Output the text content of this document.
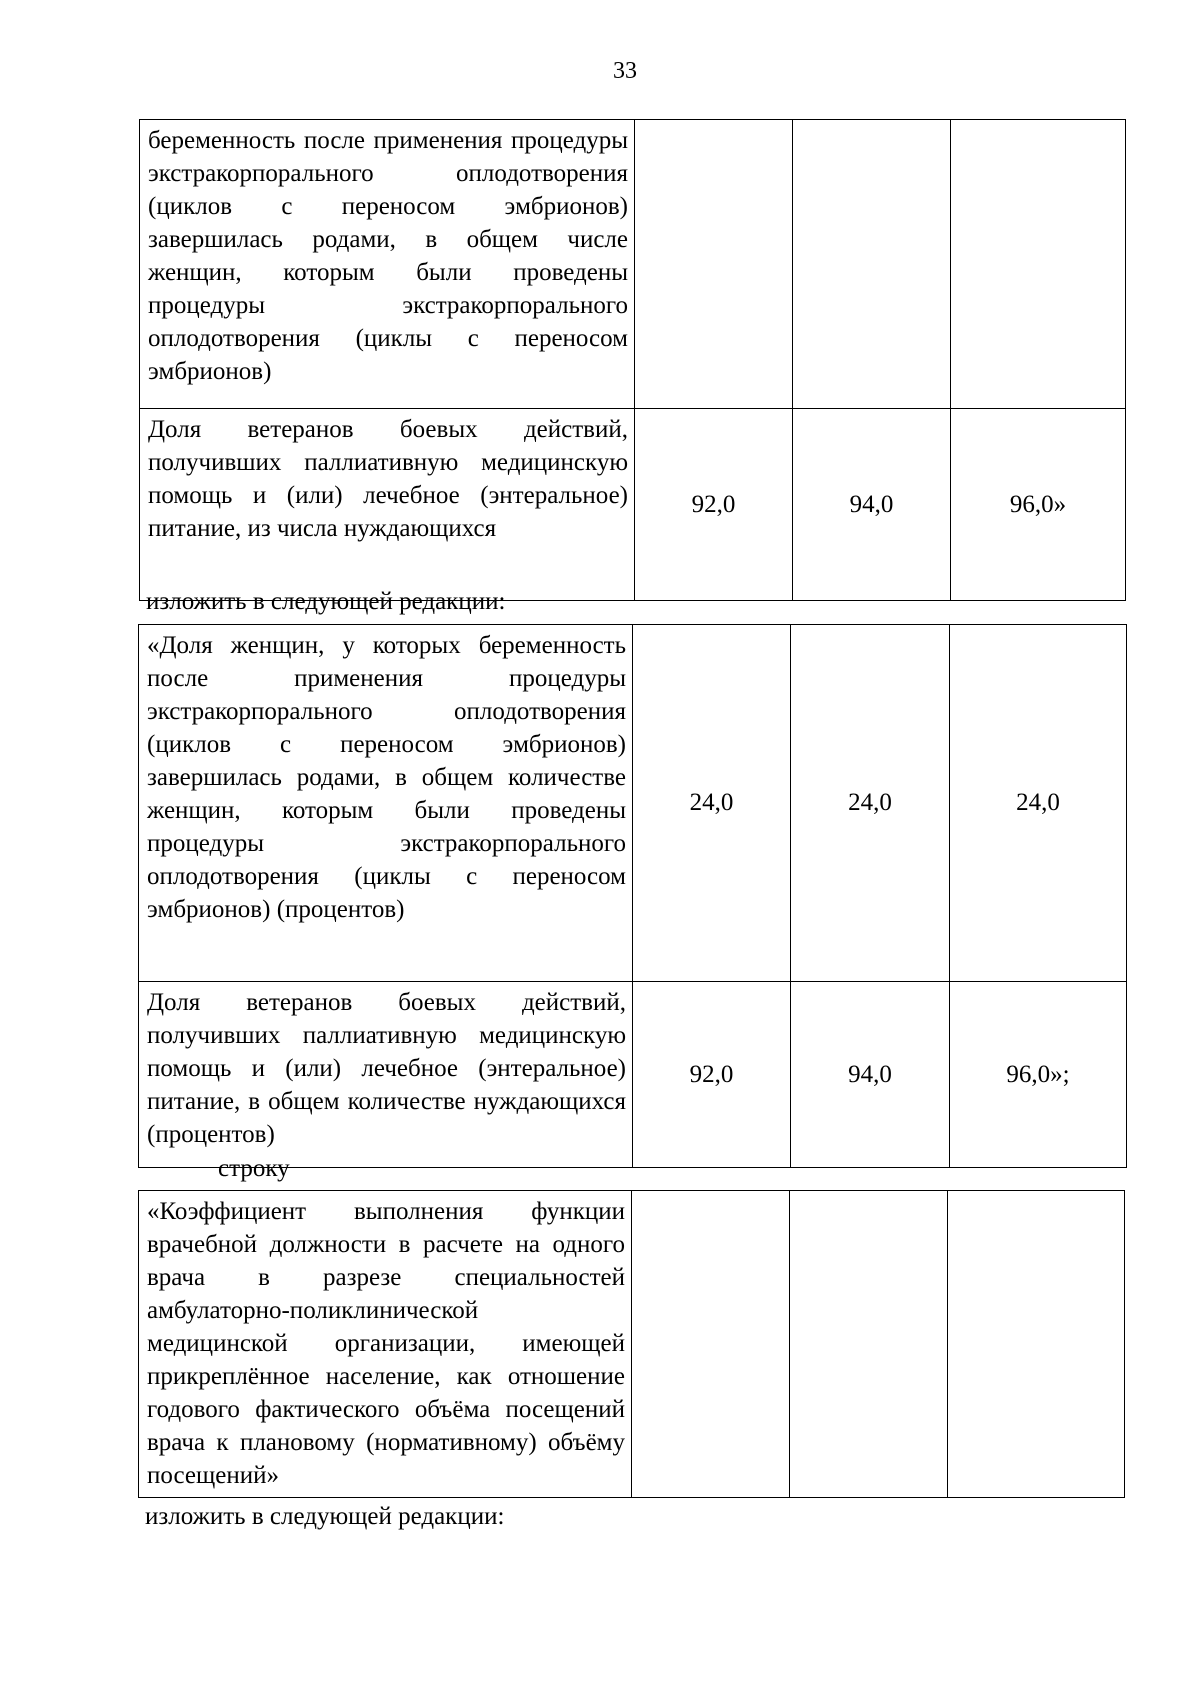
33
беременность после применения процедуры экстракорпорального оплодотворения (циклов с переносом эмбрионов) завершилась родами, в общем числе женщин, которым были проведены процедуры экстракорпорального оплодотворения (циклы с переносом эмбрионов)			
Доля ветеранов боевых действий, получивших паллиативную медицинскую помощь и (или) лечебное (энтеральное) питание, из числа нуждающихся	92,0	94,0	96,0»
изложить в следующей редакции:
«Доля женщин, у которых беременность после применения процедуры экстракорпорального оплодотворения (циклов с переносом эмбрионов) завершилась родами, в общем количестве женщин, которым были проведены процедуры экстракорпорального оплодотворения (циклы с переносом эмбрионов) (процентов)	24,0	24,0	24,0
Доля ветеранов боевых действий, получивших паллиативную медицинскую помощь и (или) лечебное (энтеральное) питание, в общем количестве нуждающихся (процентов)	92,0	94,0	96,0»;
строку
«Коэффициент выполнения функции врачебной должности в расчете на одного врача в разрезе специальностей амбулаторно-поликлинической медицинской организации, имеющей прикреплённое население, как отношение годового фактического объёма посещений врача к плановому (нормативному) объёму посещений»			
изложить в следующей редакции:
